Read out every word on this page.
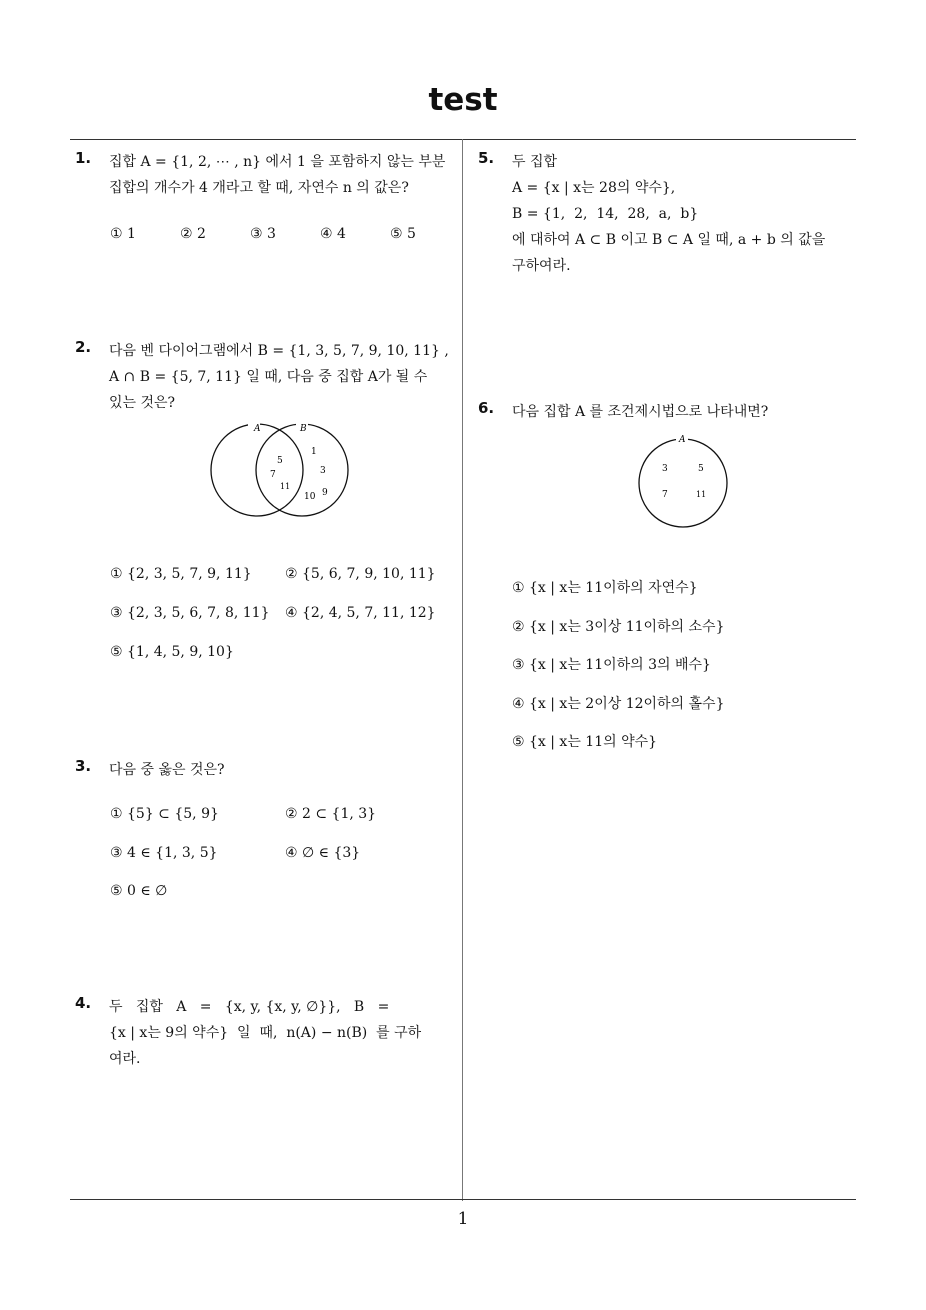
test
1
1. 집합 A = {1, 2, ⋯ , n} 에서 1 을 포함하지 않는 부분
집합의 개수가 4 개라고 할 때, 자연수 n 의 값은?
① 1	② 2	③ 3	④ 4	⑤ 5
2. 다음 벤 다이어그램에서 B = {1, 3, 5, 7, 9, 10, 11} ,
A ∩ B = {5, 7, 11} 일 때, 다음 중 집합 A가 될 수
있는 것은?
A	B
5
7
11
1
3
10 9
① {2, 3, 5, 7, 9, 11} ② {5, 6, 7, 9, 10, 11}
③ {2, 3, 5, 6, 7, 8, 11} ④ {2, 4, 5, 7, 11, 12}
⑤ {1, 4, 5, 9, 10}
3. 다음 중 옳은 것은?
① {5} ⊂ {5, 9}	② 2 ⊂ {1, 3}
③ 4 ∈ {1, 3, 5}	④ ∅ ∈ {3}
⑤ 0 ∈ ∅
4. 두   집합   A   =   {x, y, {x, y, ∅}},   B   =
{x | x는 9의 약수}  일  때,  n(A) − n(B)  를 구하
여라.
5. 두 집합
A = {x | x는 28의 약수},
B = {1,  2,  14,  28,  a,  b}
에 대하여 A ⊂ B 이고 B ⊂ A 일 때, a + b 의 값을
구하여라.
6. 다음 집합 A 를 조건제시법으로 나타내면?
A
3	5
7	11
① {x | x는 11이하의 자연수}
② {x | x는 3이상 11이하의 소수}
③ {x | x는 11이하의 3의 배수}
④ {x | x는 2이상 12이하의 홀수}
⑤ {x | x는 11의 약수}
